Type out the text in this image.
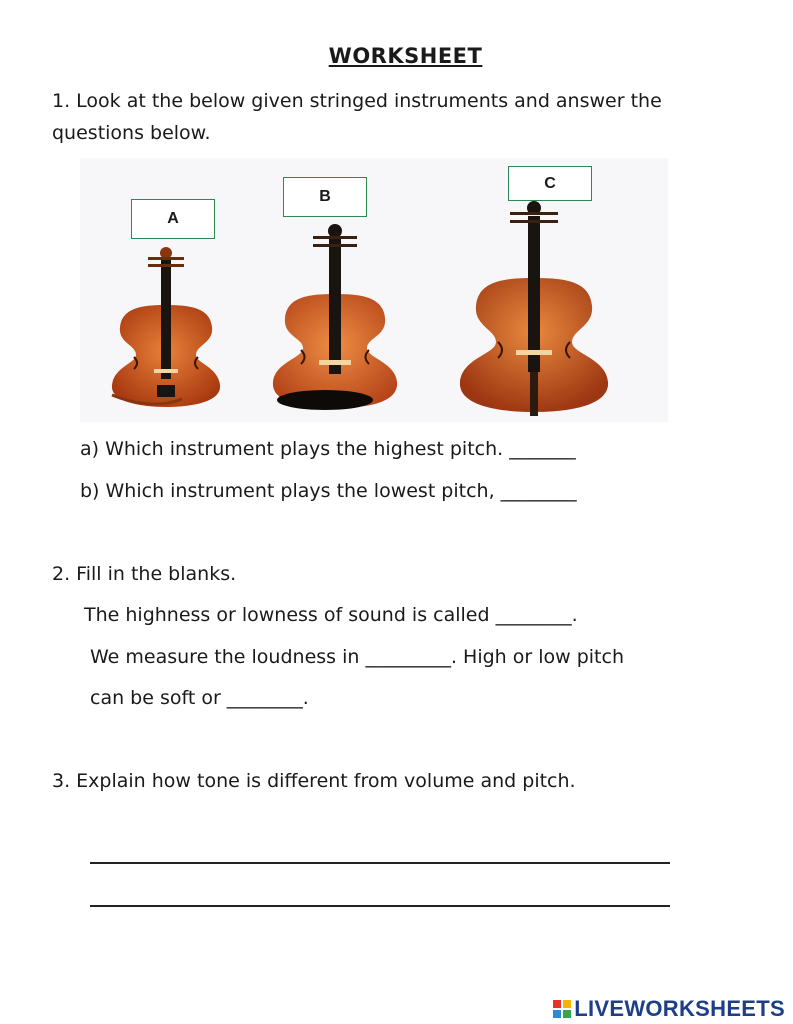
WORKSHEET
1. Look at the below given stringed instruments and answer the
questions below.
A
B
C
a) Which instrument plays the highest pitch. _______
b) Which instrument plays the lowest pitch, ________
2. Fill in the blanks.
The highness or lowness of sound is called ________.
We measure the loudness in _________. High or low pitch
can be soft or ________.
3. Explain how tone is different from volume and pitch.
LIVEWORKSHEETS
